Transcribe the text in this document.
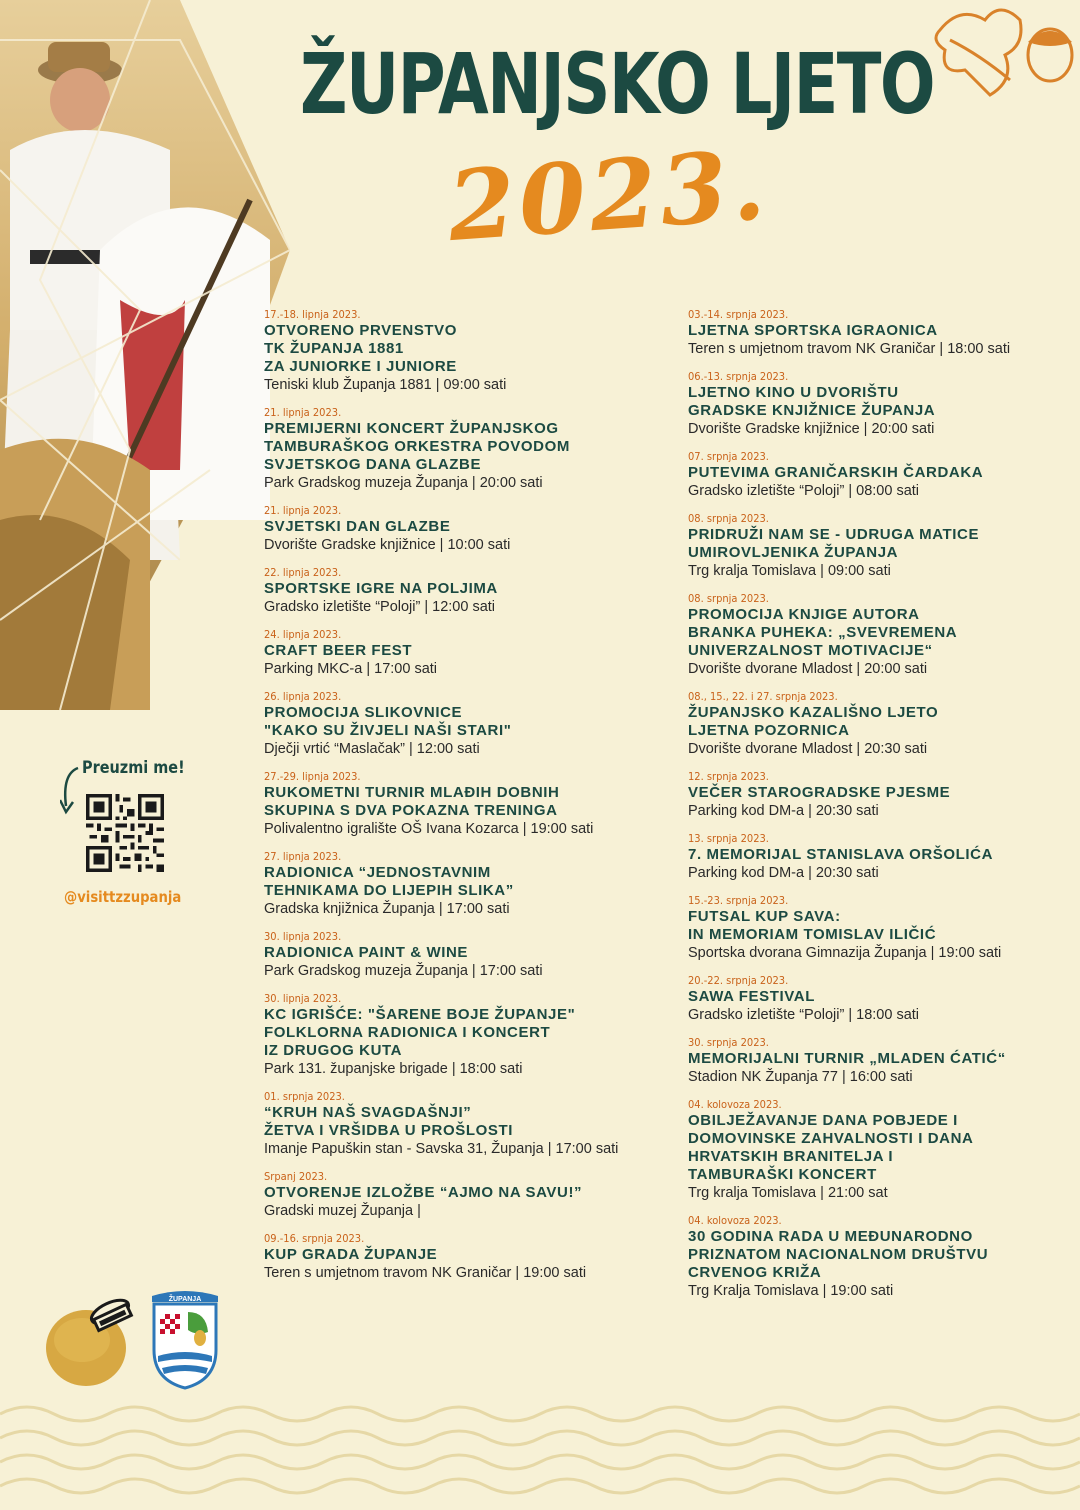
ŽUPANJSKO LJETO
2023.
17.-18. lipnja 2023.
OTVORENO PRVENSTVO
TK ŽUPANJA 1881
ZA JUNIORKE I JUNIORE
Teniski klub Županja 1881 | 09:00 sati
21. lipnja 2023.
PREMIJERNI KONCERT ŽUPANJSKOG
TAMBURAŠKOG ORKESTRA POVODOM
SVJETSKOG DANA GLAZBE
Park Gradskog muzeja Županja | 20:00 sati
21. lipnja 2023.
SVJETSKI DAN GLAZBE
Dvorište Gradske knjižnice | 10:00 sati
22. lipnja 2023.
SPORTSKE IGRE NA POLJIMA
Gradsko izletište “Poloji” | 12:00 sati
24. lipnja 2023.
CRAFT BEER FEST
Parking MKC-a | 17:00 sati
26. lipnja 2023.
PROMOCIJA SLIKOVNICE
"KAKO SU ŽIVJELI NAŠI STARI"
Dječji vrtić “Maslačak” | 12:00 sati
27.-29. lipnja 2023.
RUKOMETNI TURNIR MLAĐIH DOBNIH
SKUPINA S DVA POKAZNA TRENINGA
Polivalentno igralište OŠ Ivana Kozarca | 19:00 sati
27. lipnja 2023.
RADIONICA “JEDNOSTAVNIM
TEHNIKAMA DO LIJEPIH SLIKA”
Gradska knjižnica Županja | 17:00 sati
30. lipnja 2023.
RADIONICA PAINT & WINE
Park Gradskog muzeja Županja | 17:00 sati
30. lipnja 2023.
KC IGRIŠĆE: "ŠARENE BOJE ŽUPANJE"
FOLKLORNA RADIONICA I KONCERT
IZ DRUGOG KUTA
Park 131. županjske brigade | 18:00 sati
01. srpnja 2023.
“KRUH NAŠ SVAGDAŠNJI”
ŽETVA I VRŠIDBA U PROŠLOSTI
Imanje Papuškin stan - Savska 31, Županja | 17:00 sati
Srpanj 2023.
OTVORENJE IZLOŽBE “AJMO NA SAVU!”
Gradski muzej Županja |
09.-16. srpnja 2023.
KUP GRADA ŽUPANJE
Teren s umjetnom travom NK Graničar | 19:00 sati
03.-14. srpnja 2023.
LJETNA SPORTSKA IGRAONICA
Teren s umjetnom travom NK Graničar | 18:00 sati
06.-13. srpnja 2023.
LJETNO KINO U DVORIŠTU
GRADSKE KNJIŽNICE ŽUPANJA
Dvorište Gradske knjižnice | 20:00 sati
07. srpnja 2023.
PUTEVIMA GRANIČARSKIH ČARDAKA
Gradsko izletište “Poloji” | 08:00 sati
08. srpnja 2023.
PRIDRUŽI NAM SE - UDRUGA MATICE
UMIROVLJENIKA ŽUPANJA
Trg kralja Tomislava | 09:00 sati
08. srpnja 2023.
PROMOCIJA KNJIGE AUTORA
BRANKA PUHEKA: „SVEVREMENA
UNIVERZALNOST MOTIVACIJE“
Dvorište dvorane Mladost | 20:00 sati
08., 15., 22. i 27. srpnja 2023.
ŽUPANJSKO KAZALIŠNO LJETO
LJETNA POZORNICA
Dvorište dvorane Mladost | 20:30 sati
12. srpnja 2023.
VEČER STAROGRADSKE PJESME
Parking kod DM-a | 20:30 sati
13. srpnja 2023.
7. MEMORIJAL STANISLAVA ORŠOLIĆA
Parking kod DM-a | 20:30 sati
15.-23. srpnja 2023.
FUTSAL KUP SAVA:
IN MEMORIAM TOMISLAV ILIČIĆ
Sportska dvorana Gimnazija Županja | 19:00 sati
20.-22. srpnja 2023.
SAWA FESTIVAL
Gradsko izletište “Poloji” | 18:00 sati
30. srpnja 2023.
MEMORIJALNI TURNIR „MLADEN ĆATIĆ“
Stadion NK Županja 77 | 16:00 sati
04. kolovoza 2023.
OBILJEŽAVANJE DANA POBJEDE I
DOMOVINSKE ZAHVALNOSTI I DANA
HRVATSKIH BRANITELJA I
TAMBURAŠKI KONCERT
Trg kralja Tomislava | 21:00 sat
04. kolovoza 2023.
30 GODINA RADA U MEĐUNARODNO
PRIZNATOM NACIONALNOM DRUŠTVU
CRVENOG KRIŽA
Trg Kralja Tomislava | 19:00 sati
Preuzmi me!
@visittzzupanja
ŽUPANJA
